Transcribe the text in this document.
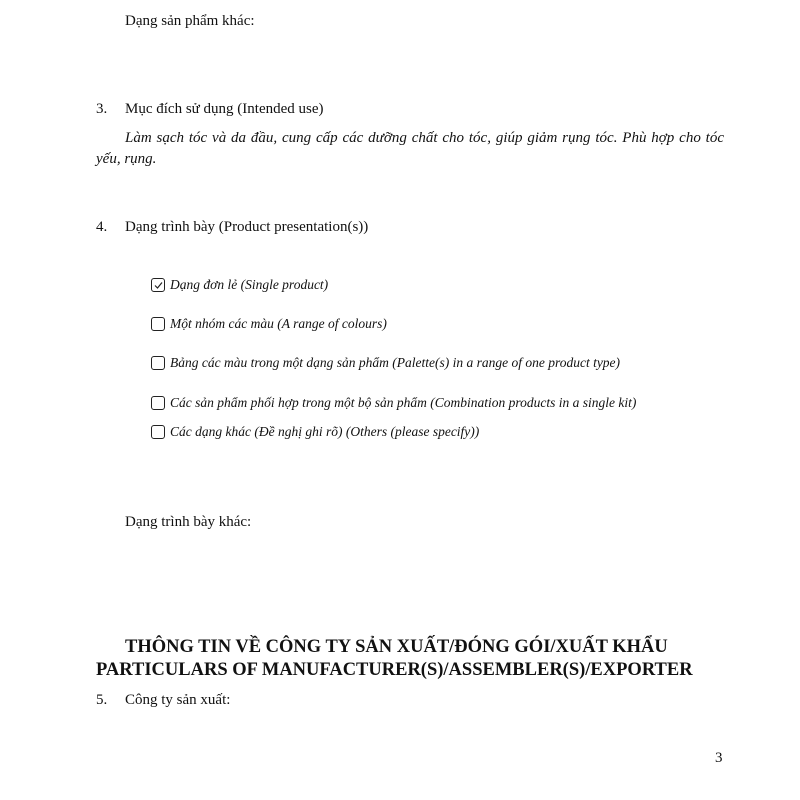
Dạng sản phẩm khác:
3. Mục đích sử dụng (Intended use)
Làm sạch tóc và da đầu, cung cấp các dưỡng chất cho tóc, giúp giảm rụng tóc. Phù hợp cho tóc yếu, rụng.
4. Dạng trình bày (Product presentation(s))
Dạng đơn lẻ (Single product)
Một nhóm các màu (A range of colours)
Bảng các màu trong một dạng sản phẩm (Palette(s) in a range of one product type)
Các sản phẩm phối hợp trong một bộ sản phẩm (Combination products in a single kit)
Các dạng khác (Đề nghị ghi rõ) (Others (please specify))
Dạng trình bày khác:
THÔNG TIN VỀ CÔNG TY SẢN XUẤT/ĐÓNG GÓI/XUẤT KHẨU
PARTICULARS OF MANUFACTURER(S)/ASSEMBLER(S)/EXPORTER
5. Công ty sản xuất:
3
